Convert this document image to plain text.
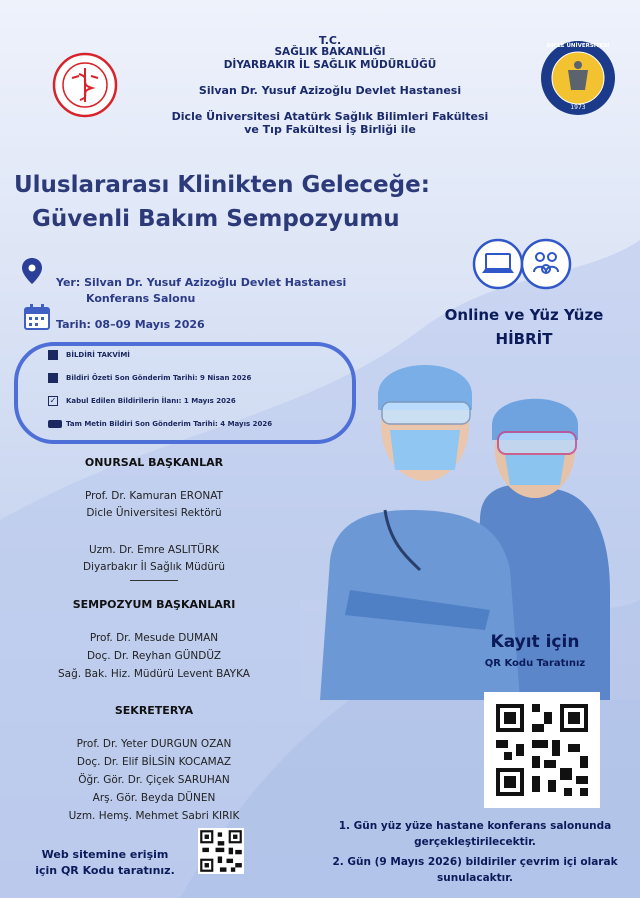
DİCLE ÜNİVERSİTESİ
1973
T.C.
SAĞLIK BAKANLIĞI
DİYARBAKIR İL SAĞLIK MÜDÜRLÜĞÜ
Silvan Dr. Yusuf Azizoğlu Devlet Hastanesi
Dicle Üniversitesi Atatürk Sağlık Bilimleri Fakültesi
ve Tıp Fakültesi İş Birliği ile
Uluslararası Klinikten Geleceğe:
Güvenli Bakım Sempozyumu
Yer: Silvan Dr. Yusuf Azizoğlu Devlet Hastanesi
Konferans Salonu
Tarih: 08–09 Mayıs 2026
BİLDİRİ TAKVİMİ
Bildiri Özeti Son Gönderim Tarihi: 9 Nisan 2026
✓ Kabul Edilen Bildirilerin İlanı: 1 Mayıs 2026
Tam Metin Bildiri Son Gönderim Tarihi: 4 Mayıs 2026
Online ve Yüz Yüze
HİBRİT
ONURSAL BAŞKANLAR
Prof. Dr. Kamuran ERONAT
Dicle Üniversitesi Rektörü
Uzm. Dr. Emre ASLITÜRK
Diyarbakır İl Sağlık Müdürü
SEMPOZYUM BAŞKANLARI
Prof. Dr. Mesude DUMAN
Doç. Dr. Reyhan GÜNDÜZ
Sağ. Bak. Hiz. Müdürü Levent BAYKA
SEKRETERYA
Prof. Dr. Yeter DURGUN OZAN
Doç. Dr. Elif BİLSİN KOCAMAZ
Öğr. Gör. Dr. Çiçek SARUHAN
Arş. Gör. Beyda DÜNEN
Uzm. Hemş. Mehmet Sabri KIRIK
Kayıt için
QR Kodu Taratınız
Web sitemine erişim
için QR Kodu taratınız.
1. Gün yüz yüze hastane konferans salonunda
gerçekleştirilecektir.
2. Gün (9 Mayıs 2026) bildiriler çevrim içi olarak
sunulacaktır.
